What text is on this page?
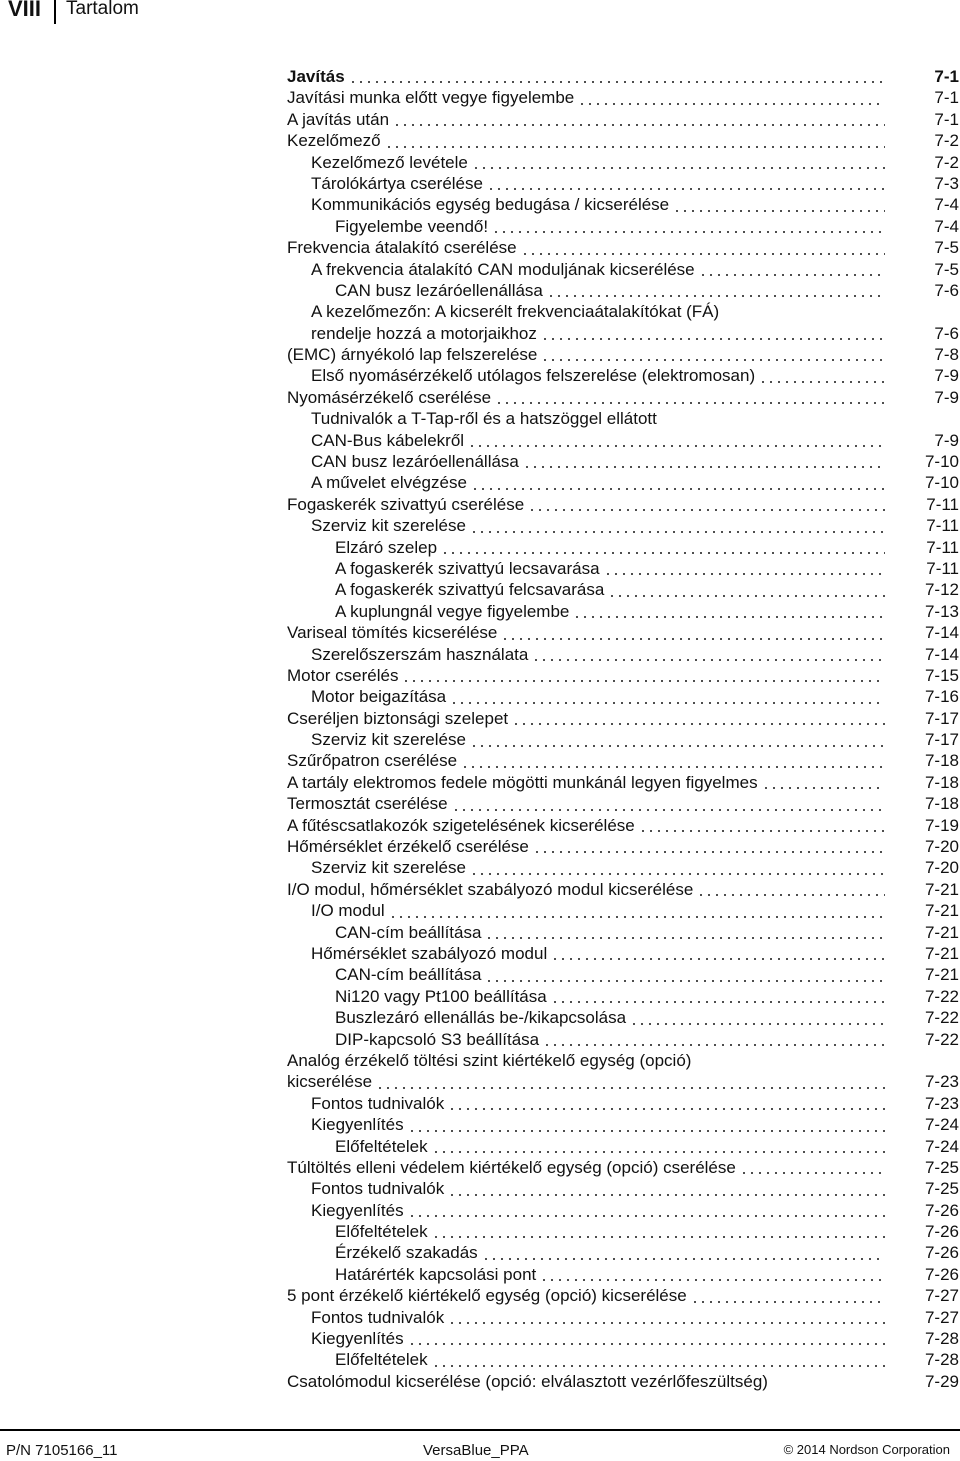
VIII Tartalom
Javítás	7-1
Javítási munka előtt vegye figyelembe	7-1
A javítás után	7-1
Kezelőmező	7-2
Kezelőmező levétele	7-2
Tárolókártya cserélése	7-3
Kommunikációs egység bedugása / kicserélése	7-4
Figyelembe veendő!	7-4
Frekvencia átalakító cserélése	7-5
A frekvencia átalakító CAN moduljának kicserélése	7-5
CAN busz lezáróellenállása	7-6
A kezelőmezőn: A kicserélt frekvenciaátalakítókat (FÁ)
rendelje hozzá a motorjaikhoz	7-6
(EMC) árnyékoló lap felszerelése	7-8
Első nyomásérzékelő utólagos felszerelése (elektromosan)	7-9
Nyomásérzékelő cserélése	7-9
Tudnivalók a T-Tap-ről és a hatszöggel ellátott
CAN-Bus kábelekről	7-9
CAN busz lezáróellenállása	7-10
A művelet elvégzése	7-10
Fogaskerék szivattyú cserélése	7-11
Szerviz kit szerelése	7-11
Elzáró szelep	7-11
A fogaskerék szivattyú lecsavarása	7-11
A fogaskerék szivattyú felcsavarása	7-12
A kuplungnál vegye figyelembe	7-13
Variseal tömítés kicserélése	7-14
Szerelőszerszám használata	7-14
Motor cserélés	7-15
Motor beigazítása	7-16
Cseréljen biztonsági szelepet	7-17
Szerviz kit szerelése	7-17
Szűrőpatron cserélése	7-18
A tartály elektromos fedele mögötti munkánál legyen figyelmes	7-18
Termosztát cserélése	7-18
A fűtéscsatlakozók szigetelésének kicserélése	7-19
Hőmérséklet érzékelő cserélése	7-20
Szerviz kit szerelése	7-20
I/O modul, hőmérséklet szabályozó modul kicserélése	7-21
I/O modul	7-21
CAN-cím beállítása	7-21
Hőmérséklet szabályozó modul	7-21
CAN-cím beállítása	7-21
Ni120 vagy Pt100 beállítása	7-22
Buszlezáró ellenállás be-/kikapcsolása	7-22
DIP-kapcsoló S3 beállítása	7-22
Analóg érzékelő töltési szint kiértékelő egység (opció)
kicserélése	7-23
Fontos tudnivalók	7-23
Kiegyenlítés	7-24
Előfeltételek	7-24
Túltöltés elleni védelem kiértékelő egység (opció) cserélése	7-25
Fontos tudnivalók	7-25
Kiegyenlítés	7-26
Előfeltételek	7-26
Érzékelő szakadás	7-26
Határérték kapcsolási pont	7-26
5 pont érzékelő kiértékelő egység (opció) kicserélése	7-27
Fontos tudnivalók	7-27
Kiegyenlítés	7-28
Előfeltételek	7-28
Csatolómodul kicserélése (opció: elválasztott vezérlőfeszültség)	7-29
P/N 7105166_11	VersaBlue_PPA	© 2014 Nordson Corporation
